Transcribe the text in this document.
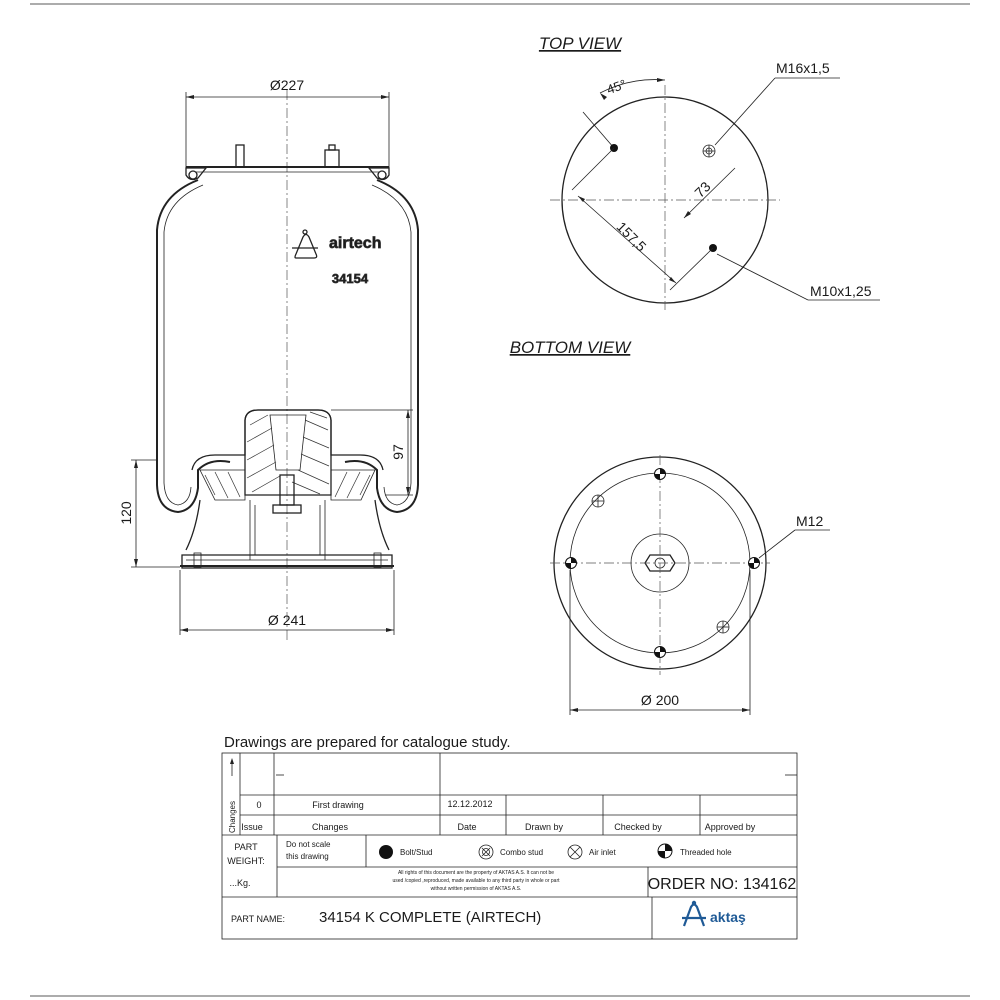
Ø227
120
97
Ø 241
airtech
34154
TOP VIEW
45°
157,5
73
M16x1,5
M10x1,25
BOTTOM VIEW
M12
Ø 200
Drawings are prepared for catalogue study.
Changes 0	First drawing	12.12.2012
Issue	Changes	Date	Drawn by	Checked by	Approved by
PART
WEIGHT:
...Kg.
Do not scale
this drawing	Bolt/Stud	Combo stud	Air inlet	Threaded hole
All rights of this document are the property of AKTAS A.S. It can not be
used /copied ,reproduced, made available to any third party in whole or part
without written permission of AKTAS A.S.	ORDER NO: 134162
PART NAME: 34154 K COMPLETE (AIRTECH)	aktaş
